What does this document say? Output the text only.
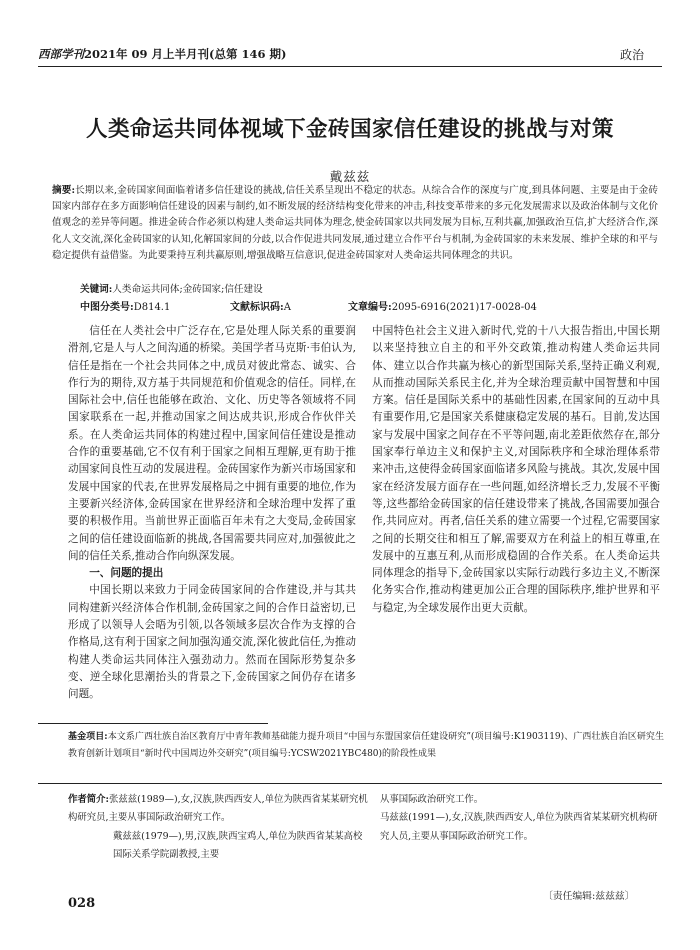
西部学刊2021年 09 月上半月刊(总第 146 期)	政治
人类命运共同体视域下金砖国家信任建设的挑战与对策
戴兹兹
摘要:长期以来,金砖国家间面临着诸多信任建设的挑战,信任关系呈现出不稳定的状态。从综合合作的深度与广度,到具体问题、主要是由于金砖国家内部存在多方面影响信任建设的因素与制约,如不断发展的经济结构变化带来的冲击,科技变革带来的多元化发展需求以及政治体制与文化价值观念的差异等问题。推进金砖合作必须以构建人类命运共同体为理念,使金砖国家以共同发展为目标,互利共赢,加强政治互信,扩大经济合作,深化人文交流,深化金砖国家的认知,化解国家间的分歧,以合作促进共同发展,通过建立合作平台与机制,为金砖国家的未来发展、维护全球的和平与稳定提供有益借鉴。为此要秉持互利共赢原则,增强战略互信意识,促进金砖国家对人类命运共同体理念的共识。
关键词:人类命运共同体;金砖国家;信任建设
中图分类号:D814.1	文献标识码:A	文章编号:2095-6916(2021)17-0028-04

信任在人类社会中广泛存在,它是处理人际关系的重要润滑剂,它是人与人之间沟通的桥梁。美国学者马克斯·韦伯认为,信任是指在一个社会共同体之中,成员对彼此常态、诚实、合作行为的期待,双方基于共同规范和价值观念的信任。同样,在国际社会中,信任也能够在政治、文化、历史等各领域将不同国家联系在一起,并推动国家之间达成共识,形成合作伙伴关系。在人类命运共同体的构建过程中,国家间信任建设是推动合作的重要基础,它不仅有利于国家之间相互理解,更有助于推动国家间良性互动的发展进程。金砖国家作为新兴市场国家和发展中国家的代表,在世界发展格局之中拥有重要的地位,作为主要新兴经济体,金砖国家在世界经济和全球治理中发挥了重要的积极作用。当前世界正面临百年未有之大变局,金砖国家之间的信任建设面临新的挑战,各国需要共同应对,加强彼此之间的信任关系,推动合作向纵深发展。

一、问题的提出

中国长期以来致力于同金砖国家间的合作建设,并与其共同构建新兴经济体合作机制,金砖国家之间的合作日益密切,已形成了以领导人会晤为引领,以各领域多层次合作为支撑的合作格局,这有利于国家之间加强沟通交流,深化彼此信任,为推动构建人类命运共同体注入强劲动力。然而在国际形势复杂多变、逆全球化思潮抬头的背景之下,金砖国家之间仍存在诸多问题。

中国特色社会主义进入新时代,党的十八大报告指出,中国长期以来坚持独立自主的和平外交政策,推动构建人类命运共同体、建立以合作共赢为核心的新型国际关系,坚持正确义利观,从而推动国际关系民主化,并为全球治理贡献中国智慧和中国方案。信任是国际关系中的基础性因素,在国家间的互动中具有重要作用,它是国家关系健康稳定发展的基石。目前,发达国家与发展中国家之间存在不平等问题,南北差距依然存在,部分国家奉行单边主义和保护主义,对国际秩序和全球治理体系带来冲击,这使得金砖国家面临诸多风险与挑战。其次,发展中国家在经济发展方面存在一些问题,如经济增长乏力,发展不平衡等,这些都给金砖国家的信任建设带来了挑战,各国需要加强合作,共同应对。再者,信任关系的建立需要一个过程,它需要国家之间的长期交往和相互了解,需要双方在利益上的相互尊重,在发展中的互惠互利,从而形成稳固的合作关系。在人类命运共同体理念的指导下,金砖国家以实际行动践行多边主义,不断深化务实合作,推动构建更加公正合理的国际秩序,维护世界和平与稳定,为全球发展作出更大贡献。

基金项目:本文系广西壮族自治区教育厅中青年教师基础能力提升项目“中国与东盟国家信任建设研究”(项目编号:K1903119)、广西壮族自治区研究生教育创新计划项目“新时代中国周边外交研究”(项目编号:YCSW2021YBC480)的阶段性成果
作者简介:张兹兹(1989—),女,汉族,陕西西安人,单位为陕西省某某研究机构研究员,主要从事国际政治研究工作。
戴兹兹(1979—),男,汉族,陕西宝鸡人,单位为陕西省某某高校国际关系学院副教授,主要
从事国际政治研究工作。
马兹兹(1991—),女,汉族,陕西西安人,单位为陕西省某某研究机构研究人员,主要从事国际政治研究工作。
〔责任编辑:兹兹兹〕
028
